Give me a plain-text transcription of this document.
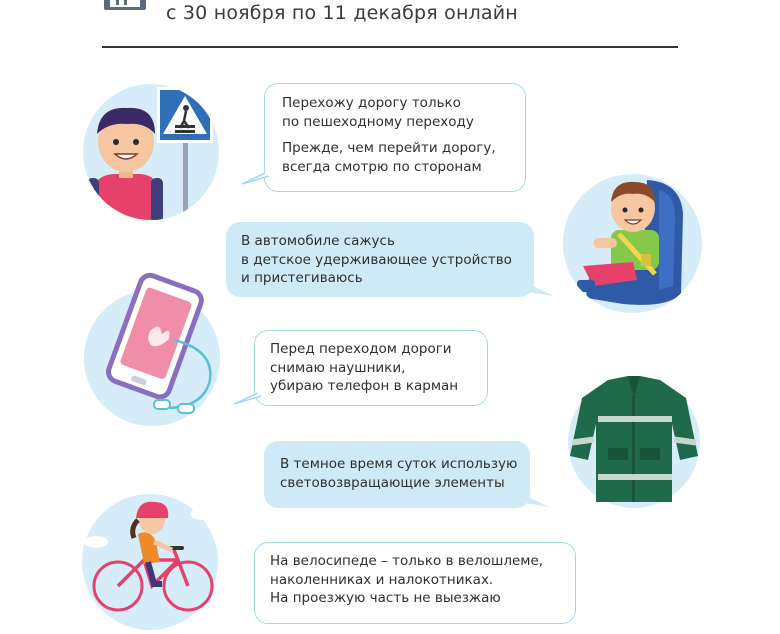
с 30 ноября по 11 декабря онлайн

Перехожу дорогу только
по пешеходному переходу

Прежде, чем перейти дорогу,
всегда смотрю по сторонам

В автомобиле сажусь
в детское удерживающее устройство
и пристегиваюсь

Перед переходом дороги
снимаю наушники,
убираю телефон в карман

В темное время суток использую
световозвращающие элементы

На велосипеде – только в велошлеме,
наколенниках и налокотниках.
На проезжую часть не выезжаю
